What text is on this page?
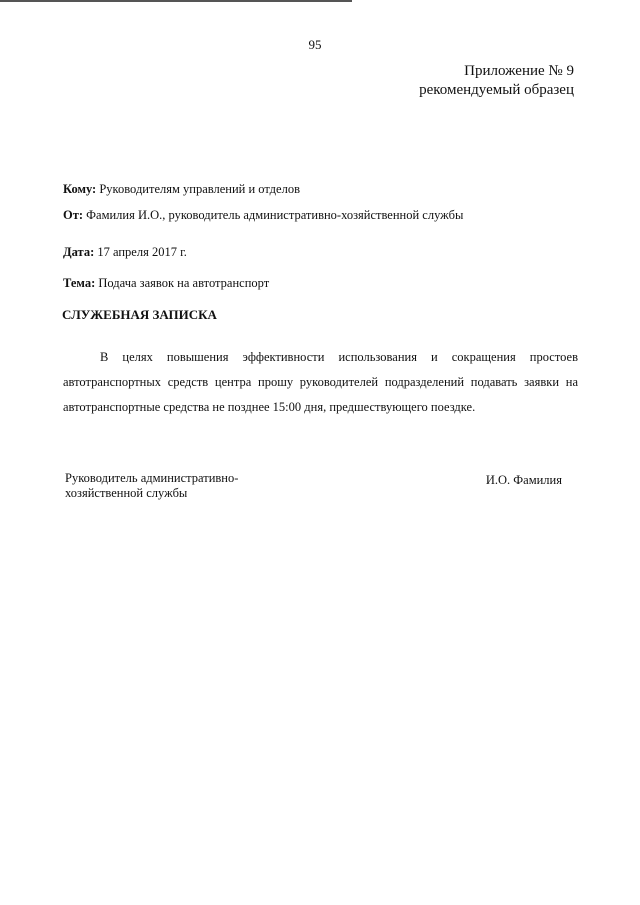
95
Приложение № 9
рекомендуемый образец
Кому: Руководителям управлений и отделов
От: Фамилия И.О., руководитель административно-хозяйственной службы
Дата: 17 апреля 2017 г.
Тема: Подача заявок на автотранспорт
СЛУЖЕБНАЯ ЗАПИСКА
В целях повышения эффективности использования и сокращения простоев
автотранспортных средств центра прошу руководителей подразделений подавать заявки на
автотранспортные средства не позднее 15:00 дня, предшествующего поездке.
Руководитель административно-
хозяйственной службы
И.О. Фамилия
